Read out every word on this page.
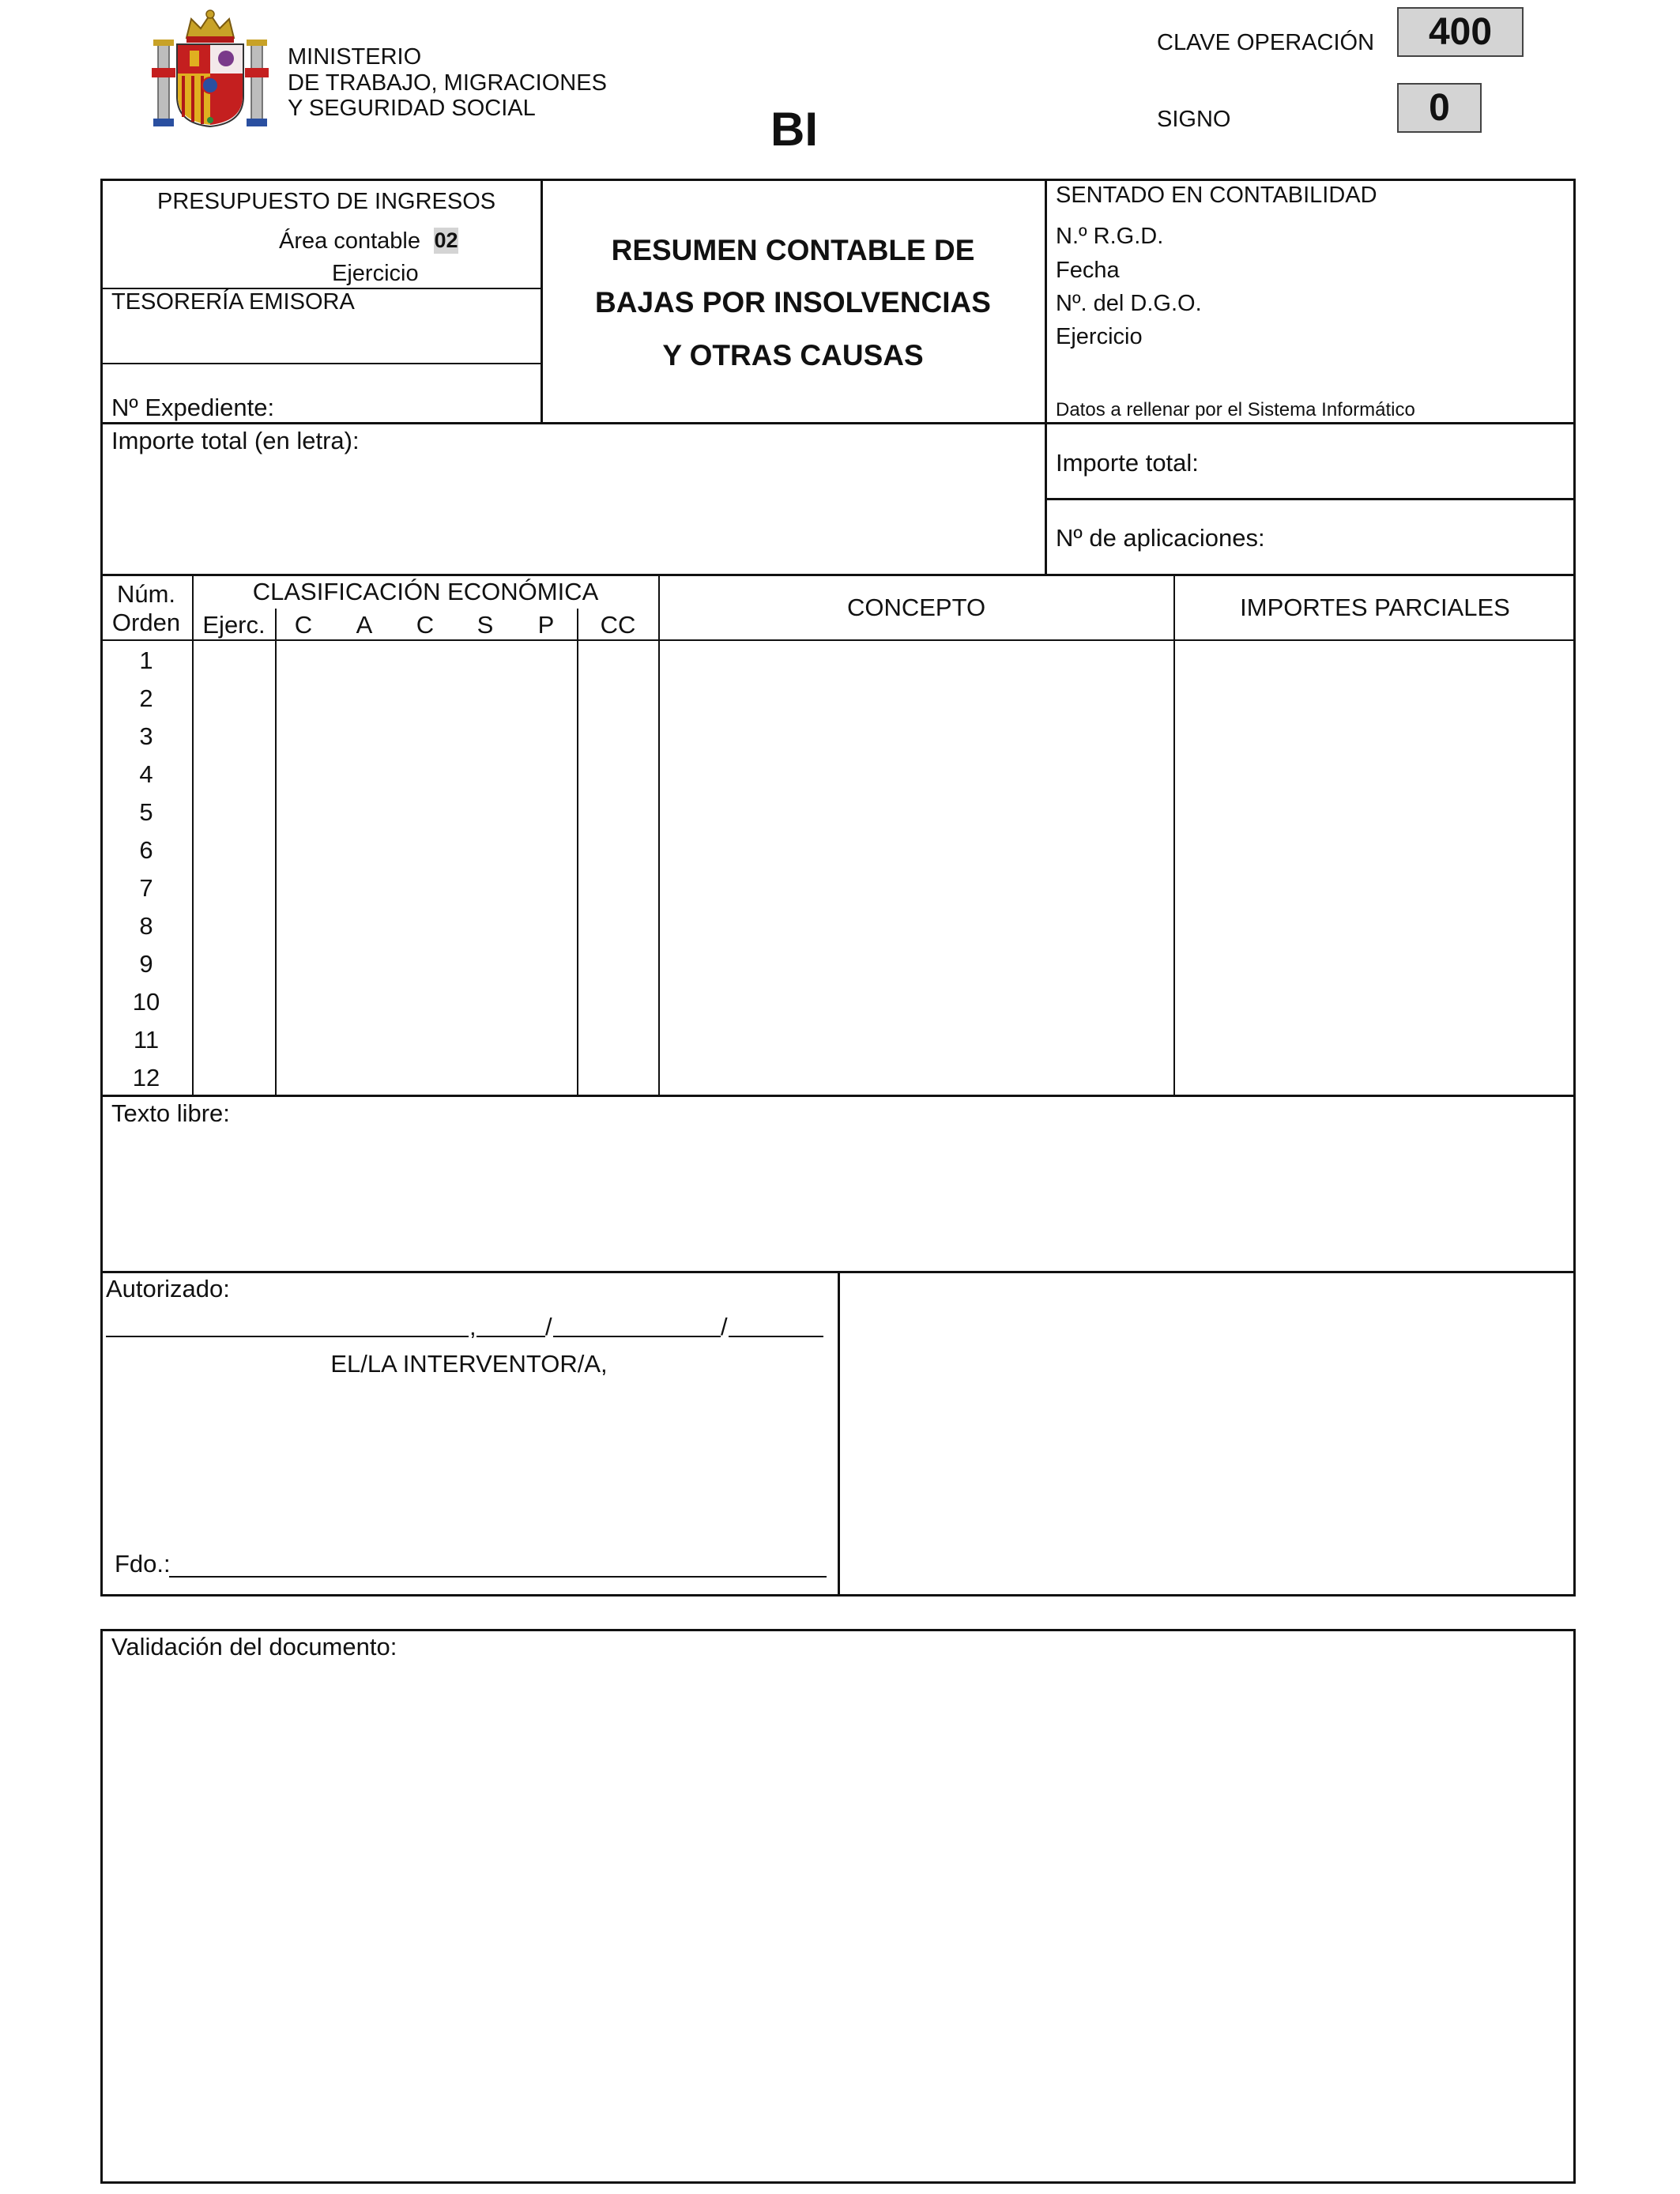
MINISTERIO
DE TRABAJO, MIGRACIONES
Y SEGURIDAD SOCIAL	BI
CLAVE OPERACIÓN	400
SIGNO	0
PRESUPUESTO DE INGRESOS
Área contable 02
Ejercicio
TESORERÍA EMISORA
Nº Expediente:
RESUMEN CONTABLE DE
BAJAS POR INSOLVENCIAS
Y OTRAS CAUSAS
SENTADO EN CONTABILIDAD
N.º R.G.D.
Fecha
Nº. del D.G.O.
Ejercicio
Datos a rellenar por el Sistema Informático
Importe total (en letra):
Importe total:
Nº de aplicaciones:
Núm.
Orden
CLASIFICACIÓN ECONÓMICA
Ejerc.	C	A	C	S	P	CC
CONCEPTO	IMPORTES PARCIALES
1
2
3
4
5
6
7
8
9
10
11
12
Texto libre:
Autorizado:
,	/	/
EL/LA INTERVENTOR/A,
Fdo.:
Validación del documento:
